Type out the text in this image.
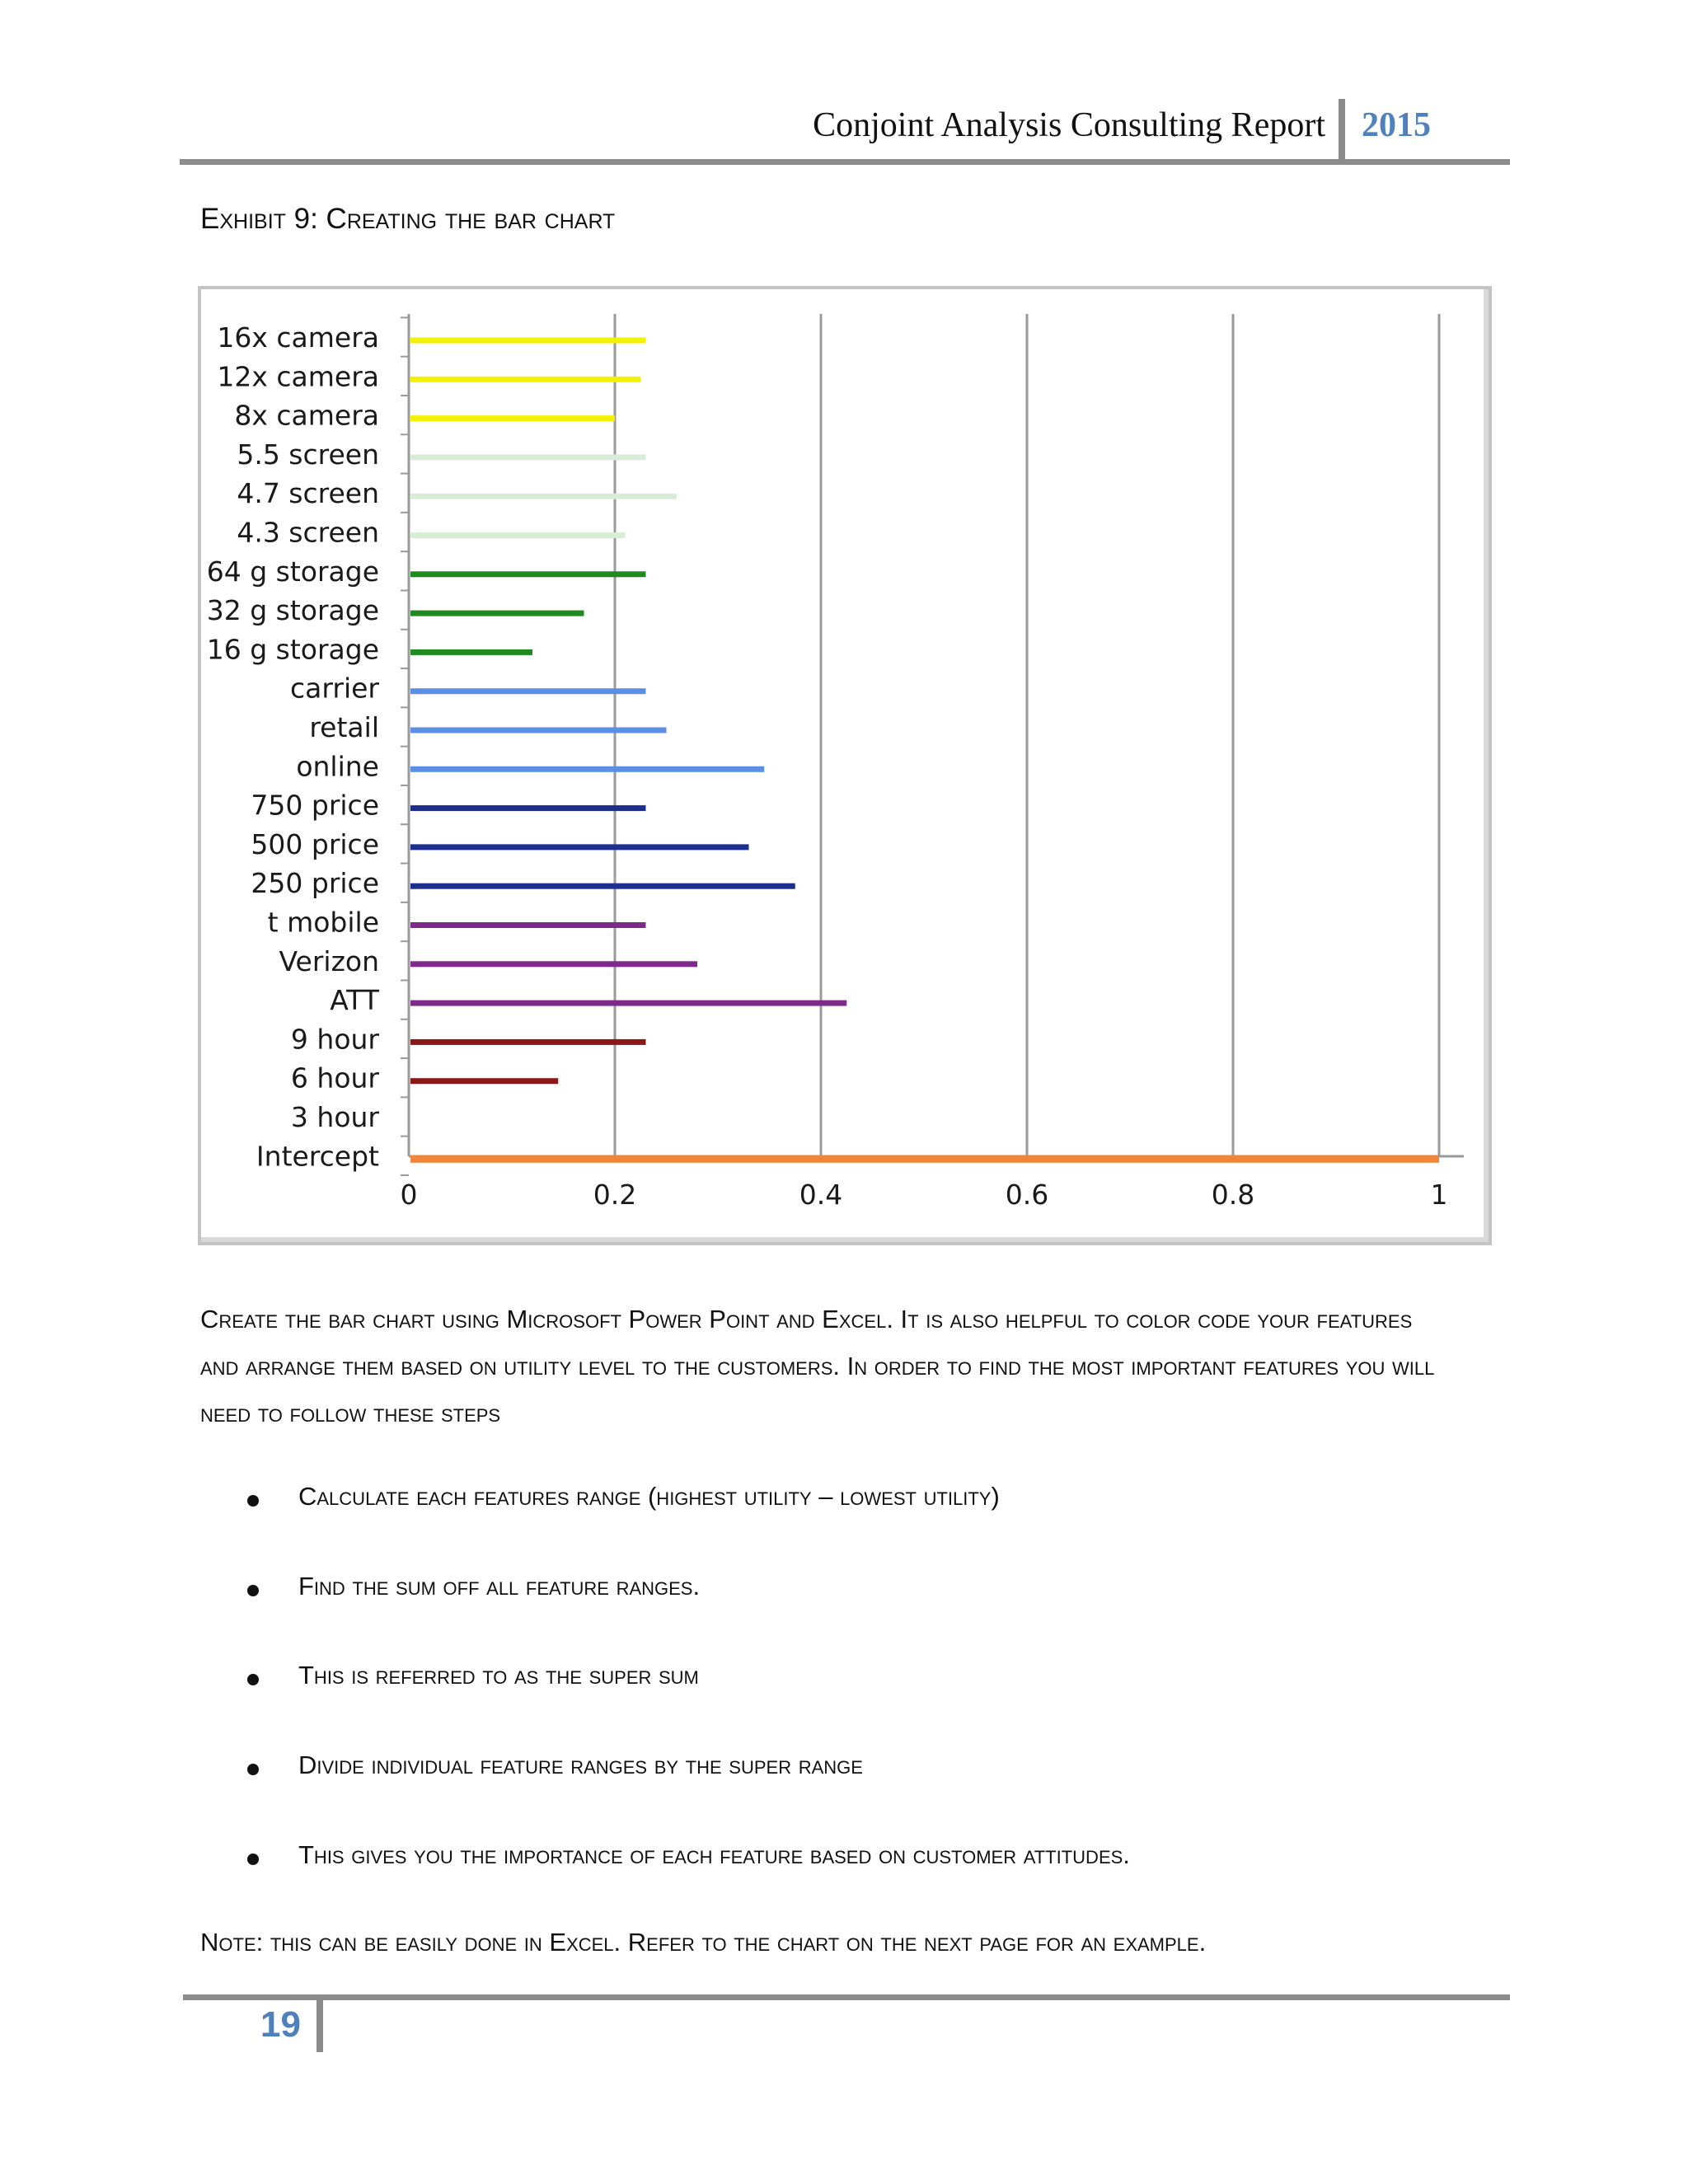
Conjoint Analysis Consulting Report 2015
Exhibit 9: Creating the bar chart
16x camera
12x camera
8x camera
5.5 screen
4.7 screen
4.3 screen
64 g storage
32 g storage
16 g storage
carrier
retail
online
750 price
500 price
250 price
t mobile
Verizon
ATT
9 hour
6 hour
3 hour
Intercept
0	0.2	0.4	0.6	0.8	1
Create the bar chart using Microsoft Power Point and Excel. It is also helpful to color code your features and arrange them based on utility level to the customers. In order to find the most important features you will need to follow these steps
Calculate each features range (highest utility – lowest utility)
Find the sum off all feature ranges.
This is referred to as the super sum
Divide individual feature ranges by the super range
This gives you the importance of each feature based on customer attitudes.
Note: this can be easily done in Excel. Refer to the chart on the next page for an example.
19
